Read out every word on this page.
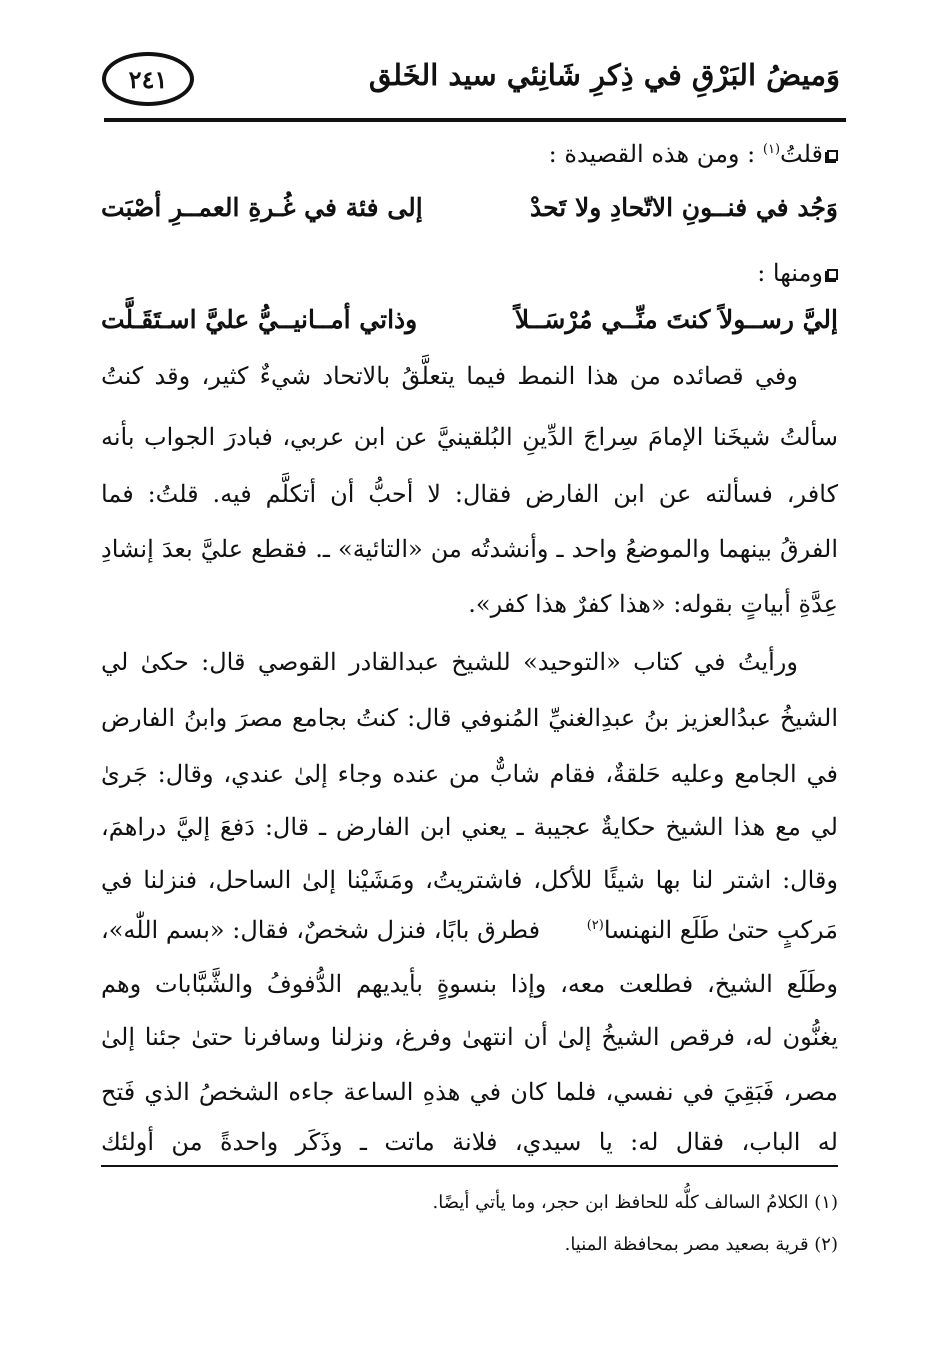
وَميضُ البَرْقِ في ذِكرِ شَانِئي سيد الخَلق
٢٤١
قلتُ$^{(١)}$ : ومن هذه القصيدة :
وَجُد في فنــونِ الاتّحادِ ولا تَحدْ
إلى فئة في غُـرةِ العمــرِ أصْبَت
ومنها :
إليَّ رســولاً كنتَ منِّــي مُرْسَــلاً
وذاتي أمــانيــيُّ عليَّ اسـتَقَـلَّت
وفي قصائده من هذا النمط فيما يتعلَّقُ بالاتحاد شيءٌ كثير، وقد كنتُ
سألتُ شيخَنا الإمامَ سِراجَ الدِّينِ البُلقينيَّ عن ابن عربي، فبادرَ الجواب بأنه
كافر، فسألته عن ابن الفارض فقال: لا أحبُّ أن أتكلَّم فيه. قلتُ: فما
الفرقُ بينهما والموضعُ واحد ـ وأنشدتُه من «التائية» ـ. فقطع عليَّ بعدَ إنشادِ
عِدَّةِ أبياتٍ بقوله: «هذا كفرٌ هذا كفر».
ورأيتُ في كتاب «التوحيد» للشيخ عبدالقادر القوصي قال: حكىٰ لي
الشيخُ عبدُالعزيز بنُ عبدِالغنيِّ المُنوفي قال: كنتُ بجامع مصرَ وابنُ الفارض
في الجامع وعليه حَلقةٌ، فقام شابٌّ من عنده وجاء إلىٰ عندي، وقال: جَرىٰ
لي مع هذا الشيخ حكايةٌ عجيبة ـ يعني ابن الفارض ـ قال: دَفعَ إليَّ دراهمَ،
وقال: اشتر لنا بها شيئًا للأكل، فاشتريتُ، ومَشَيْنا إلىٰ الساحل، فنزلنا في
مَركبٍ حتىٰ طَلَع النهنسا$^{(٢)}$
فطرق بابًا، فنزل شخصٌ، فقال: «بسم اللّٰه»،
وطَلَع الشيخ، فطلعت معه، وإذا بنسوةٍ بأيديهم الدُّفوفُ والشَّبَّابات وهم
يغنُّون له، فرقص الشيخُ إلىٰ أن انتهىٰ وفرغ، ونزلنا وسافرنا حتىٰ جئنا إلىٰ
مصر، فَبَقِيَ في نفسي، فلما كان في هذهِ الساعة جاءه الشخصُ الذي فَتح
له الباب، فقال له: يا سيدي، فلانة ماتت ـ وذَكَر واحدةً من أولئك
(١) الكلامُ السالف كلُّه للحافظ ابن حجر، وما يأتي أيضًا.
(٢) قرية بصعيد مصر بمحافظة المنيا.
